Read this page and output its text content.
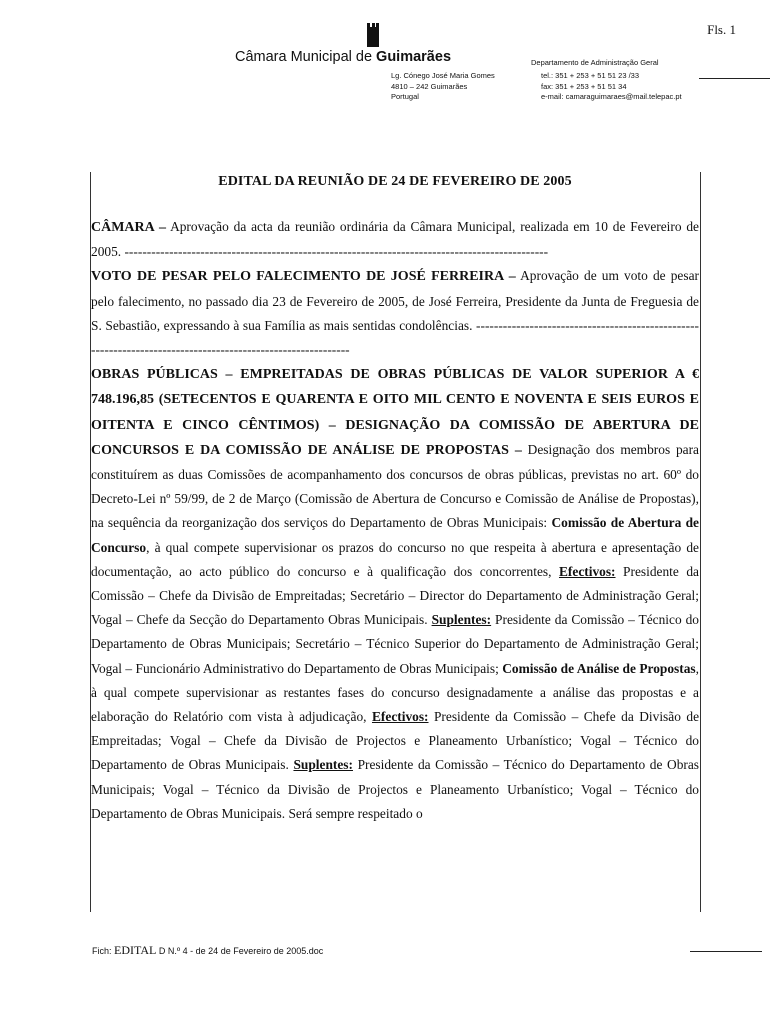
Fls. 1
Câmara Municipal de Guimarães
Lg. Cónego José Maria Gomes
4810 – 242 Guimarães
Portugal
Departamento de Administração Geral
tel.: 351 + 253 + 51 51 23 /33
fax: 351 + 253 + 51 51 34
e-mail: camaraguimaraes@mail.telepac.pt
EDITAL DA REUNIÃO DE 24 DE FEVEREIRO DE 2005

CÂMARA – Aprovação da acta da reunião ordinária da Câmara Municipal, realizada em 10 de Fevereiro de 2005. -----------------------------------------------------------------------------------------------

VOTO DE PESAR PELO FALECIMENTO DE JOSÉ FERREIRA – Aprovação de um voto de pesar pelo falecimento, no passado dia 23 de Fevereiro de 2005, de José Ferreira, Presidente da Junta de Freguesia de S. Sebastião, expressando à sua Família as mais sentidas condolências. ------------------------------------------------------------------------------------------------------------

OBRAS PÚBLICAS – EMPREITADAS DE OBRAS PÚBLICAS DE VALOR SUPERIOR A € 748.196,85 (SETECENTOS E QUARENTA E OITO MIL CENTO E NOVENTA E SEIS EUROS E OITENTA E CINCO CÊNTIMOS) – DESIGNAÇÃO DA COMISSÃO DE ABERTURA DE CONCURSOS E DA COMISSÃO DE ANÁLISE DE PROPOSTAS – Designação dos membros para constituírem as duas Comissões de acompanhamento dos concursos de obras públicas, previstas no art. 60º do Decreto-Lei nº 59/99, de 2 de Março (Comissão de Abertura de Concurso e Comissão de Análise de Propostas), na sequência da reorganização dos serviços do Departamento de Obras Municipais: Comissão de Abertura de Concurso, à qual compete supervisionar os prazos do concurso no que respeita à abertura e apresentação de documentação, ao acto público do concurso e à qualificação dos concorrentes, Efectivos: Presidente da Comissão – Chefe da Divisão de Empreitadas; Secretário – Director do Departamento de Administração Geral; Vogal – Chefe da Secção do Departamento Obras Municipais. Suplentes: Presidente da Comissão – Técnico do Departamento de Obras Municipais; Secretário – Técnico Superior do Departamento de Administração Geral; Vogal – Funcionário Administrativo do Departamento de Obras Municipais; Comissão de Análise de Propostas, à qual compete supervisionar as restantes fases do concurso designadamente a análise das propostas e a elaboração do Relatório com vista à adjudicação, Efectivos: Presidente da Comissão – Chefe da Divisão de Empreitadas; Vogal – Chefe da Divisão de Projectos e Planeamento Urbanístico; Vogal – Técnico do Departamento de Obras Municipais. Suplentes: Presidente da Comissão – Técnico do Departamento de Obras Municipais; Vogal – Técnico da Divisão de Projectos e Planeamento Urbanístico; Vogal – Técnico do Departamento de Obras Municipais. Será sempre respeitado o

Fich: EDITAL D N.º 4 - de 24 de Fevereiro de 2005.doc
